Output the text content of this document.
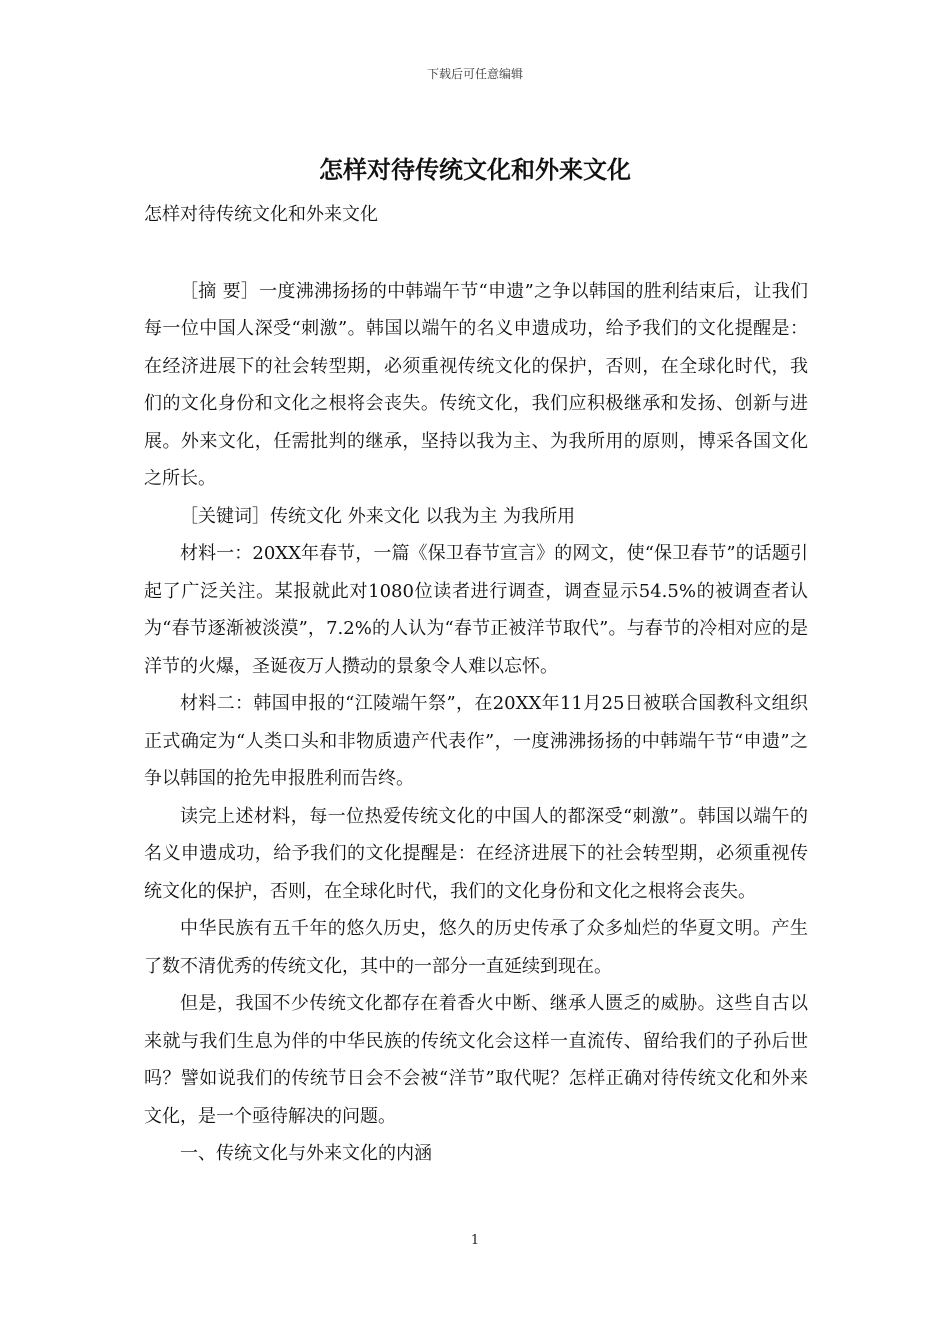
下载后可任意编辑
怎样对待传统文化和外来文化

怎样对待传统文化和外来文化

［摘 要］一度沸沸扬扬的中韩端午节“申遗”之争以韩国的胜利结束后，让我们每一位中国人深受“刺激”。韩国以端午的名义申遗成功，给予我们的文化提醒是：在经济进展下的社会转型期，必须重视传统文化的保护，否则，在全球化时代，我们的文化身份和文化之根将会丧失。传统文化，我们应积极继承和发扬、创新与进展。外来文化，任需批判的继承，坚持以我为主、为我所用的原则，博采各国文化之所长。

［关键词］传统文化 外来文化 以我为主 为我所用

材料一：20XX年春节，一篇《保卫春节宣言》的网文，使“保卫春节”的话题引起了广泛关注。某报就此对1080位读者进行调查，调查显示54.5%的被调查者认为“春节逐渐被淡漠”，7.2%的人认为“春节正被洋节取代”。与春节的冷相对应的是洋节的火爆，圣诞夜万人攒动的景象令人难以忘怀。

材料二：韩国申报的“江陵端午祭”，在20XX年11月25日被联合国教科文组织正式确定为“人类口头和非物质遗产代表作”，一度沸沸扬扬的中韩端午节“申遗”之争以韩国的抢先申报胜利而告终。

读完上述材料，每一位热爱传统文化的中国人的都深受“刺激”。韩国以端午的名义申遗成功，给予我们的文化提醒是：在经济进展下的社会转型期，必须重视传统文化的保护，否则，在全球化时代，我们的文化身份和文化之根将会丧失。

中华民族有五千年的悠久历史，悠久的历史传承了众多灿烂的华夏文明。产生了数不清优秀的传统文化，其中的一部分一直延续到现在。

但是，我国不少传统文化都存在着香火中断、继承人匮乏的威胁。这些自古以来就与我们生息为伴的中华民族的传统文化会这样一直流传、留给我们的子孙后世吗？譬如说我们的传统节日会不会被“洋节”取代呢？怎样正确对待传统文化和外来文化，是一个亟待解决的问题。

一、传统文化与外来文化的内涵

1
